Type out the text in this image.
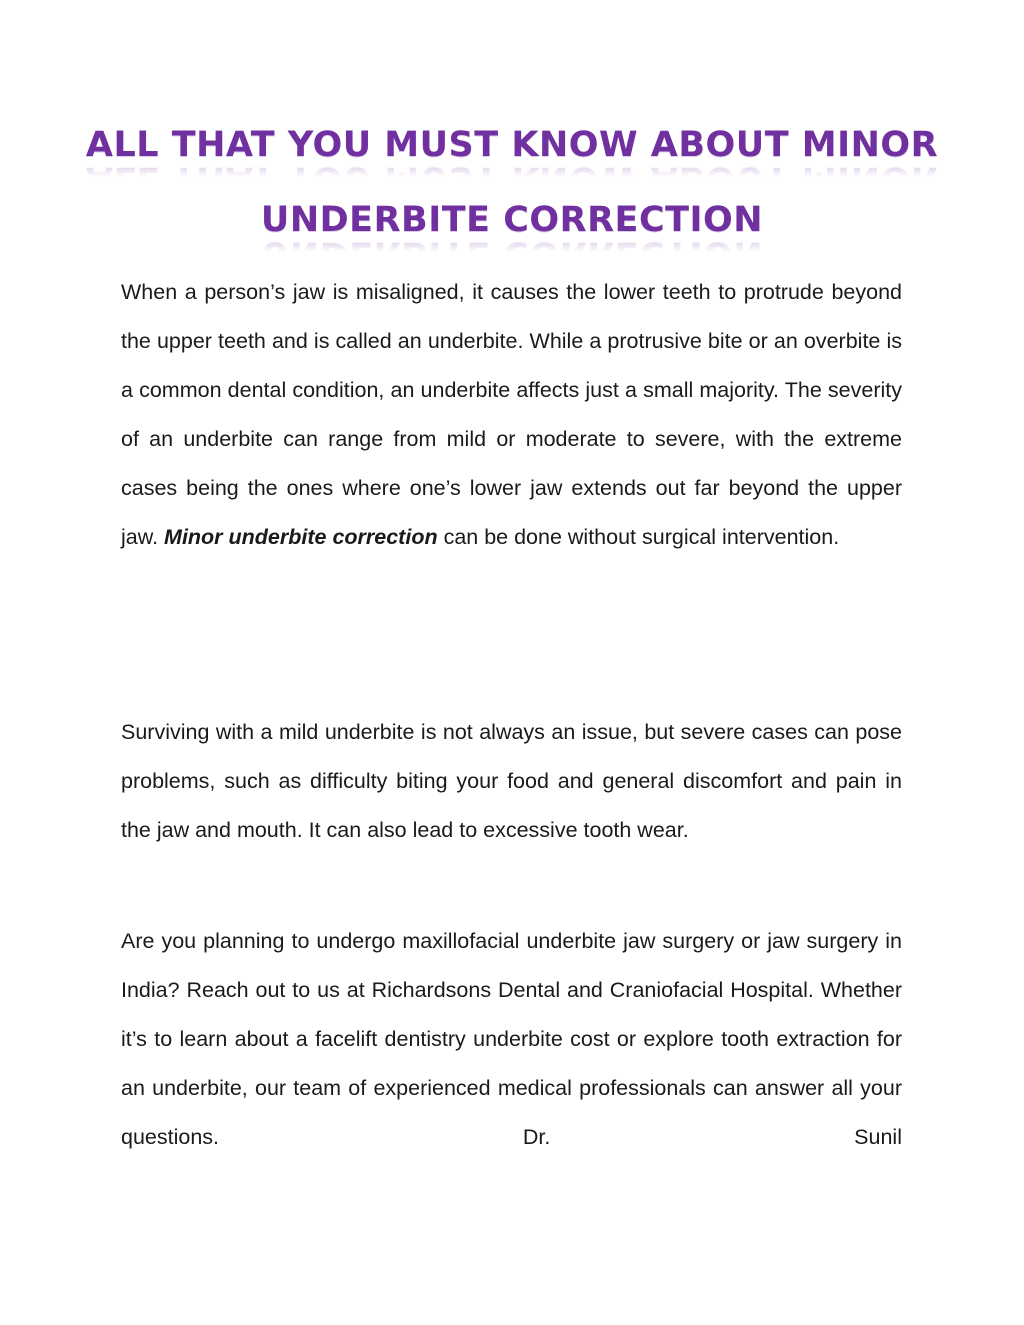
ALL THAT YOU MUST KNOW ABOUT MINOR
UNDERBITE CORRECTION

When a person’s jaw is misaligned, it causes the lower teeth to protrude beyond the upper teeth and is called an underbite. While a protrusive bite or an overbite is a common dental condition, an underbite affects just a small majority. The severity of an underbite can range from mild or moderate to severe, with the extreme cases being the ones where one’s lower jaw extends out far beyond the upper jaw. Minor underbite correction can be done without surgical intervention.

Surviving with a mild underbite is not always an issue, but severe cases can pose problems, such as difficulty biting your food and general discomfort and pain in the jaw and mouth. It can also lead to excessive tooth wear.

Are you planning to undergo maxillofacial underbite jaw surgery or jaw surgery in India? Reach out to us at Richardsons Dental and Craniofacial Hospital. Whether it’s to learn about a facelift dentistry underbite cost or explore tooth extraction for an underbite, our team of experienced medical professionals can answer all your questions. Dr. Sunil
